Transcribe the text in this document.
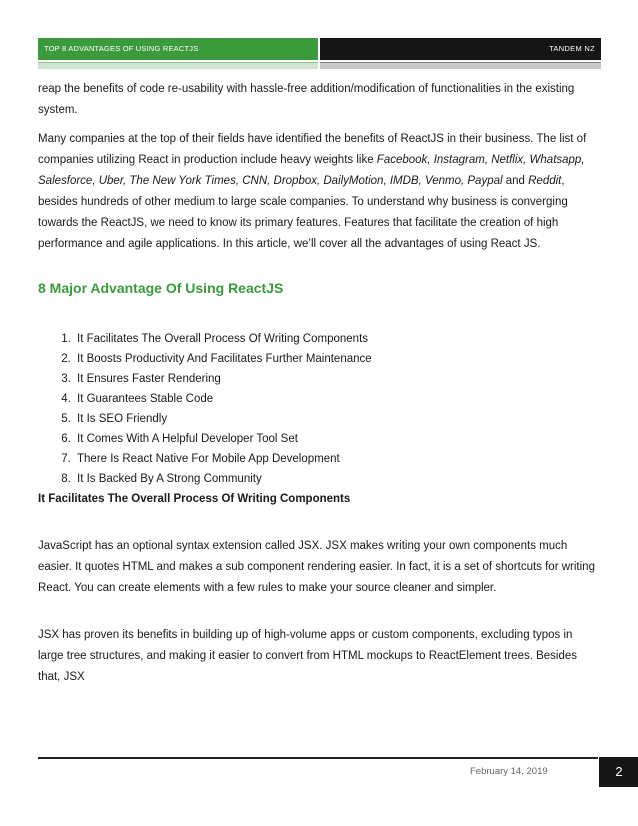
TOP 8 ADVANTAGES OF USING REACTJS	TANDEM NZ

reap the benefits of code re-usability with hassle-free addition/modification of functionalities in the existing system.

Many companies at the top of their fields have identified the benefits of ReactJS in their business. The list of companies utilizing React in production include heavy weights like Facebook, Instagram, Netflix, Whatsapp, Salesforce, Uber, The New York Times, CNN, Dropbox, DailyMotion, IMDB, Venmo, Paypal and Reddit, besides hundreds of other medium to large scale companies. To understand why business is converging towards the ReactJS, we need to know its primary features. Features that facilitate the creation of high performance and agile applications. In this article, we’ll cover all the advantages of using React JS.

8 Major Advantage Of Using ReactJS
1. It Facilitates The Overall Process Of Writing Components
2. It Boosts Productivity And Facilitates Further Maintenance
3. It Ensures Faster Rendering
4. It Guarantees Stable Code
5. It Is SEO Friendly
6. It Comes With A Helpful Developer Tool Set
7. There Is React Native For Mobile App Development
8. It Is Backed By A Strong Community

It Facilitates The Overall Process Of Writing Components

JavaScript has an optional syntax extension called JSX. JSX makes writing your own components much easier. It quotes HTML and makes a sub component rendering easier. In fact, it is a set of shortcuts for writing React. You can create elements with a few rules to make your source cleaner and simpler.

JSX has proven its benefits in building up of high-volume apps or custom components, excluding typos in large tree structures, and making it easier to convert from HTML mockups to ReactElement trees. Besides that, JSX

February 14, 2019	2
